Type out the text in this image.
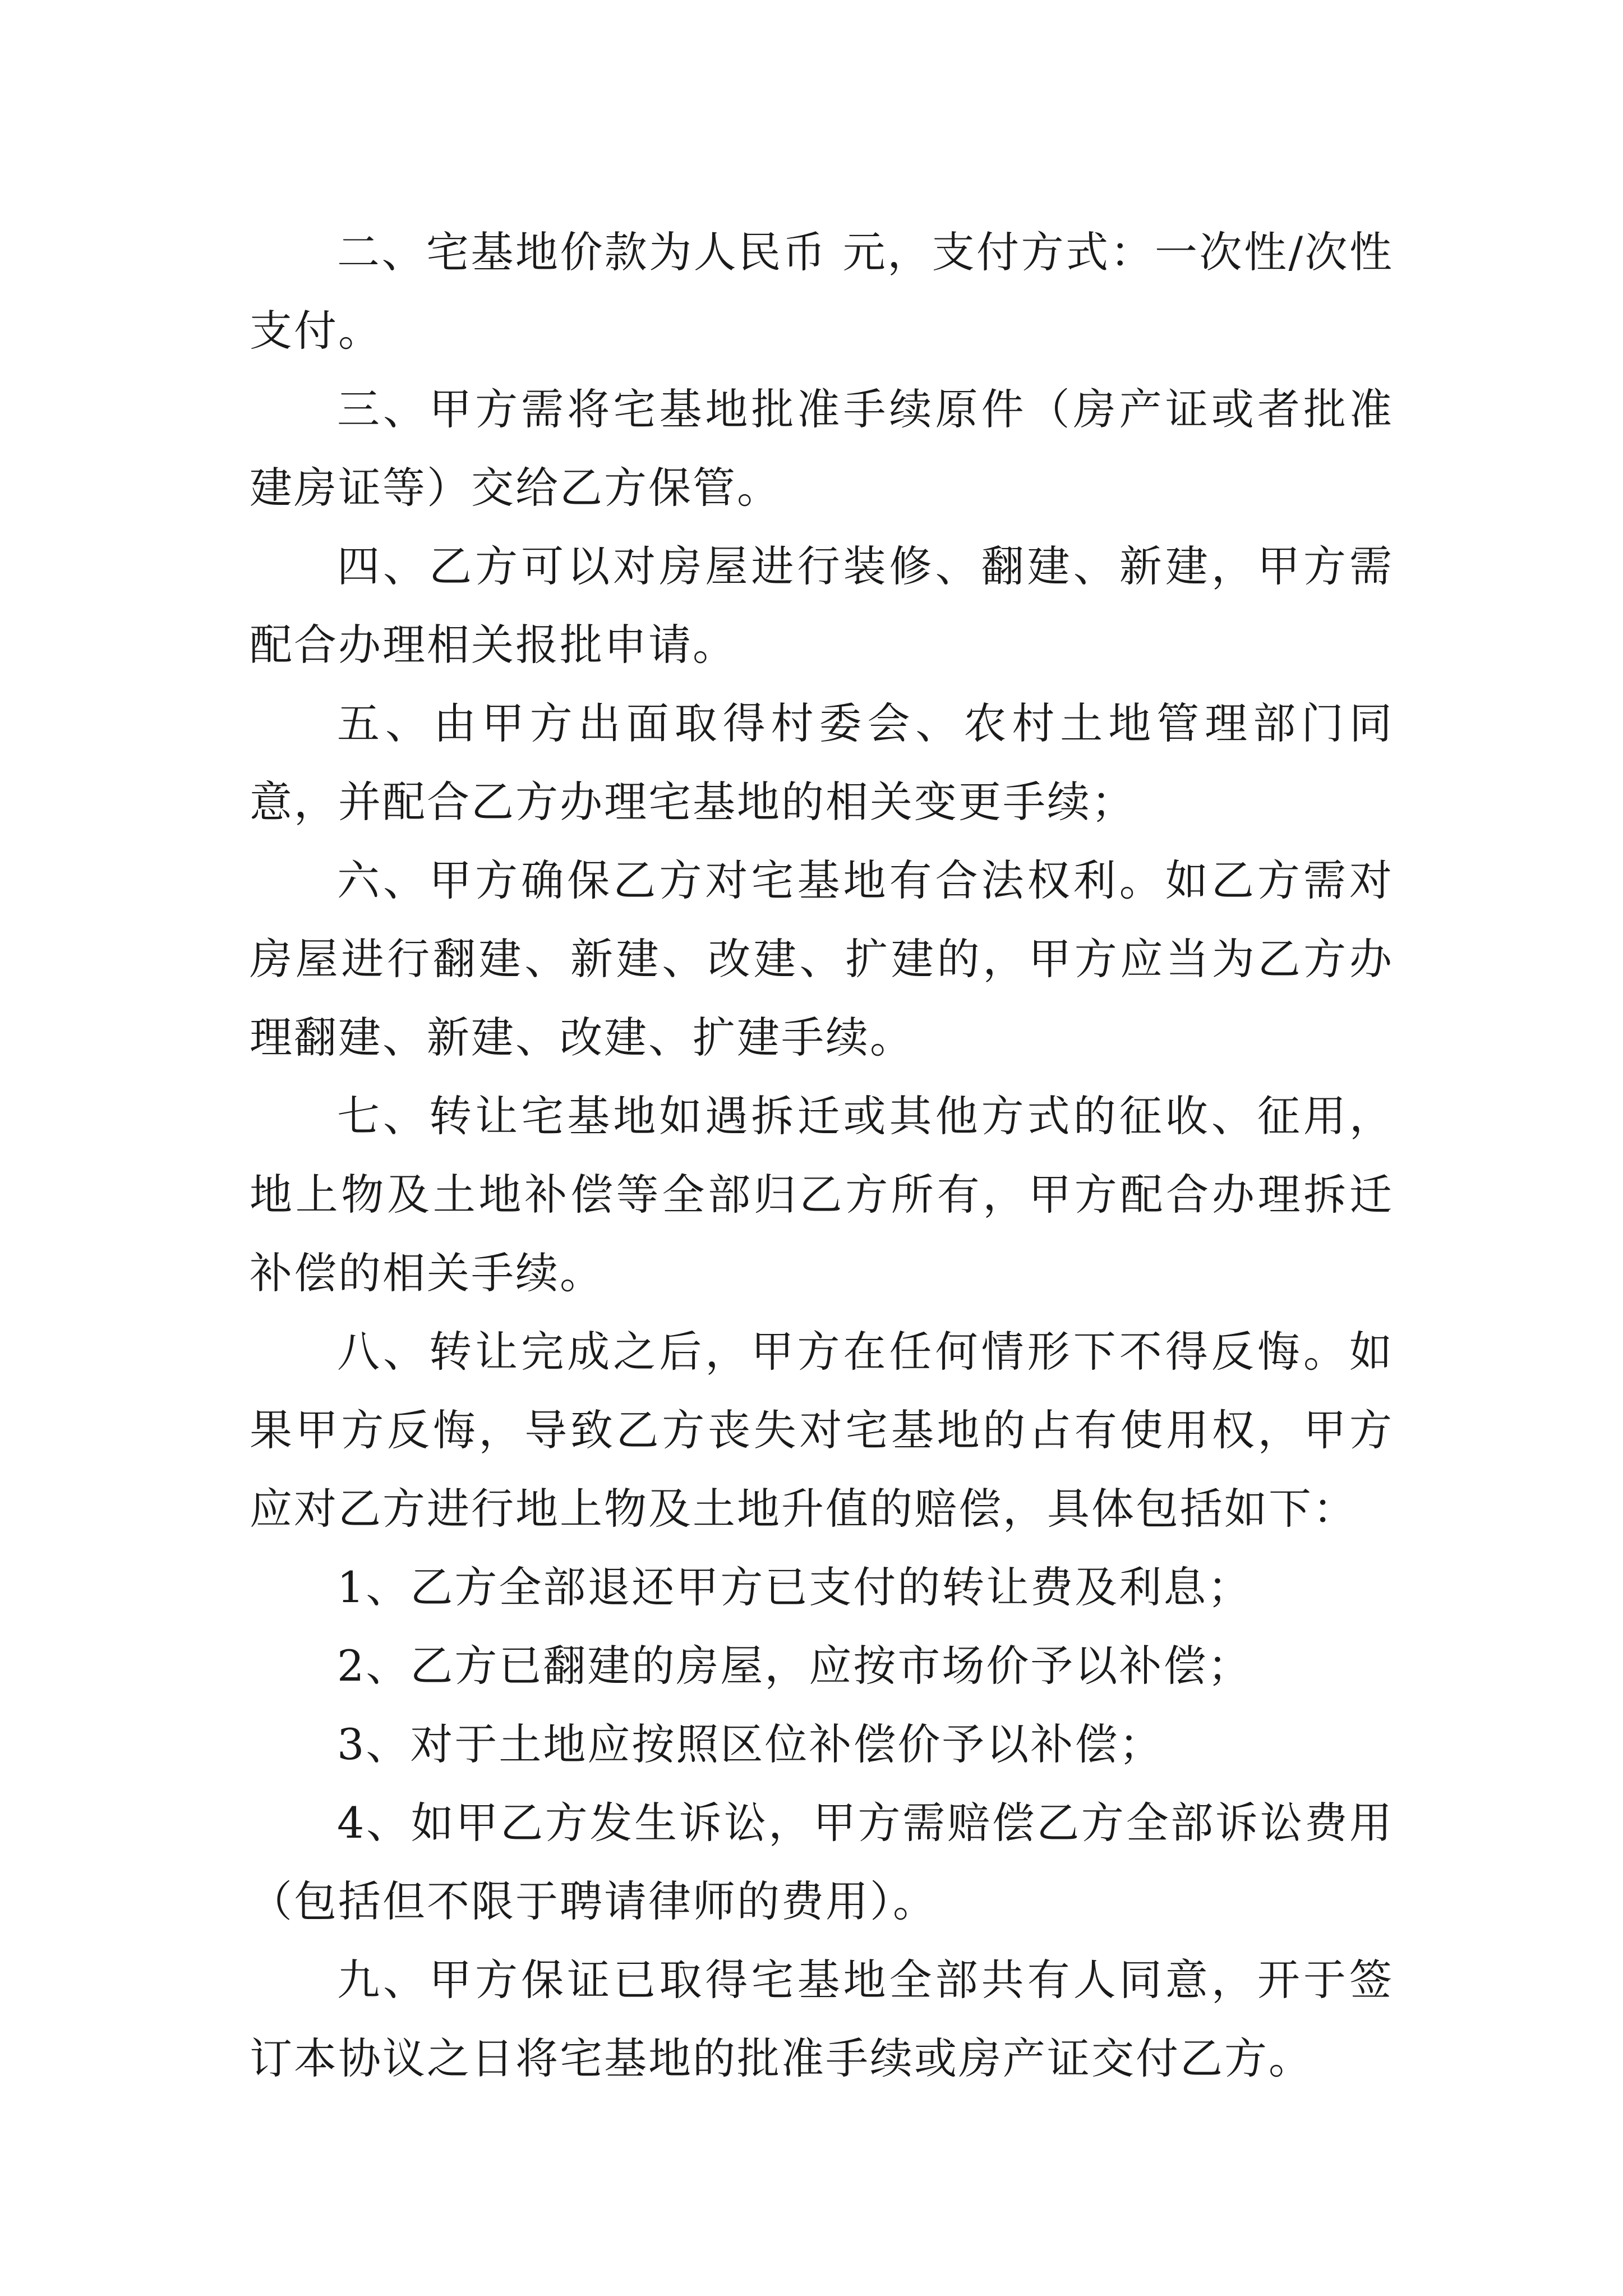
二、宅基地价款为人民币 元，支付方式：一次性/次性支付。

三、甲方需将宅基地批准手续原件（房产证或者批准建房证等）交给乙方保管。

四、乙方可以对房屋进行装修、翻建、新建，甲方需配合办理相关报批申请。

五、由甲方出面取得村委会、农村土地管理部门同意，并配合乙方办理宅基地的相关变更手续；

六、甲方确保乙方对宅基地有合法权利。如乙方需对房屋进行翻建、新建、改建、扩建的，甲方应当为乙方办理翻建、新建、改建、扩建手续。

七、转让宅基地如遇拆迁或其他方式的征收、征用，地上物及土地补偿等全部归乙方所有，甲方配合办理拆迁补偿的相关手续。

八、转让完成之后，甲方在任何情形下不得反悔。如果甲方反悔，导致乙方丧失对宅基地的占有使用权，甲方应对乙方进行地上物及土地升值的赔偿，具体包括如下：

1、乙方全部退还甲方已支付的转让费及利息；

2、乙方已翻建的房屋，应按市场价予以补偿；

3、对于土地应按照区位补偿价予以补偿；

4、如甲乙方发生诉讼，甲方需赔偿乙方全部诉讼费用（包括但不限于聘请律师的费用）。

九、甲方保证已取得宅基地全部共有人同意，开于签订本协议之日将宅基地的批准手续或房产证交付乙方。
